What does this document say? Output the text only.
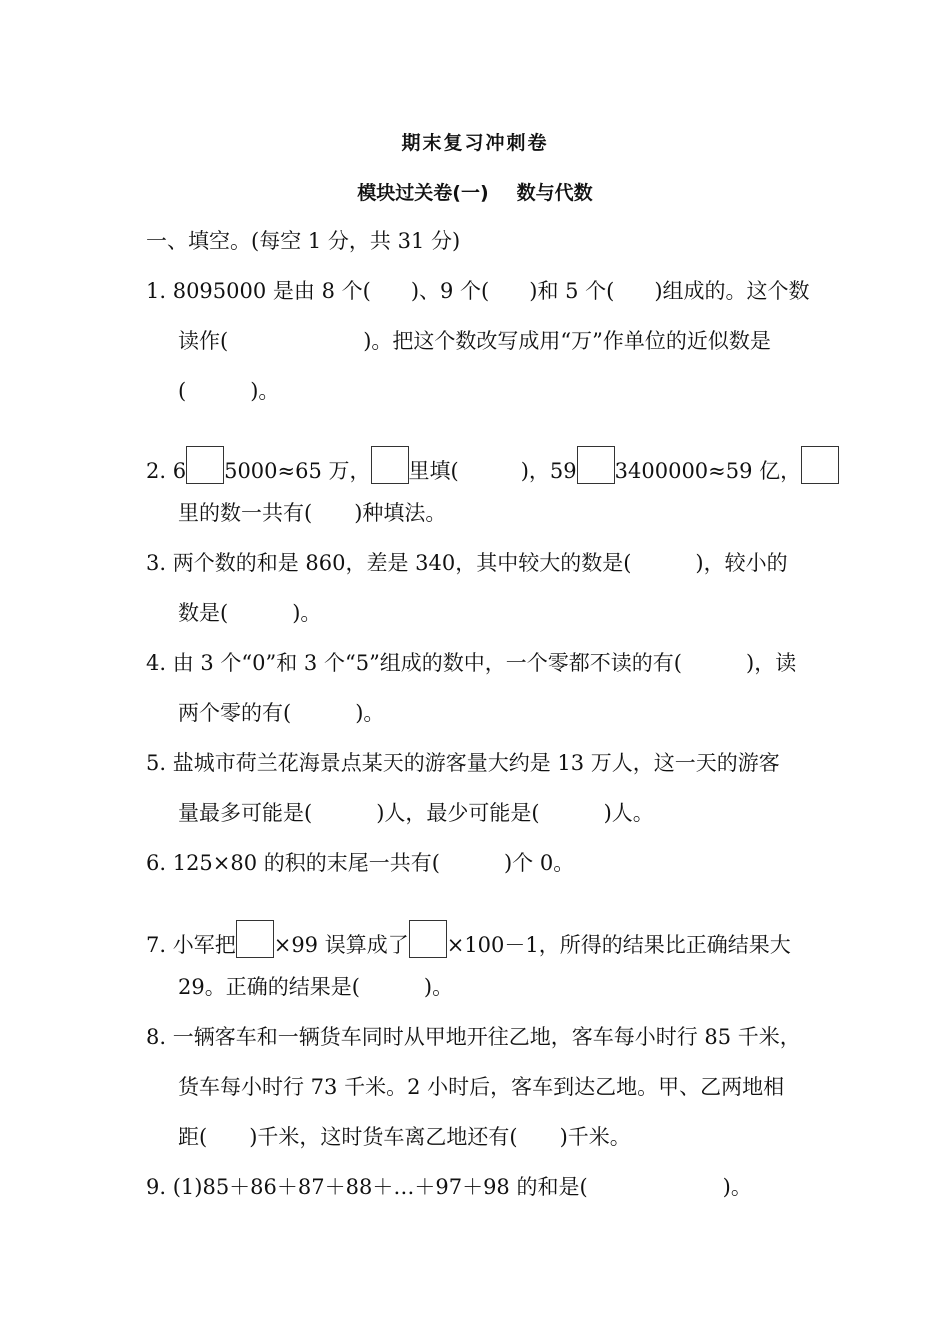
期末复习冲刺卷
模块过关卷(一) 数与代数
一、填空。(每空 1 分，共 31 分)
1. 8095000 是由 8 个( )、9 个( )和 5 个( )组成的。这个数
读作(	)。把这个数改写成用“万”作单位的近似数是
(	)。
2. 6 5000≈65 万， 里填(	)，59 3400000≈59 亿，
里的数一共有( )种填法。
3. 两个数的和是 860，差是 340，其中较大的数是(	)，较小的
数是(	)。
4. 由 3 个“0”和 3 个“5”组成的数中，一个零都不读的有(	)，读
两个零的有(	)。
5. 盐城市荷兰花海景点某天的游客量大约是 13 万人，这一天的游客
量最多可能是(	)人，最少可能是(	)人。
6. 125×80 的积的末尾一共有(	)个 0。
7. 小军把 ×99 误算成了 ×100－1，所得的结果比正确结果大
29。正确的结果是(	)。
8. 一辆客车和一辆货车同时从甲地开往乙地，客车每小时行 85 千米，
货车每小时行 73 千米。2 小时后，客车到达乙地。甲、乙两地相
距( )千米，这时货车离乙地还有( )千米。
9. (1)85＋86＋87＋88＋…＋97＋98 的和是(	)。
